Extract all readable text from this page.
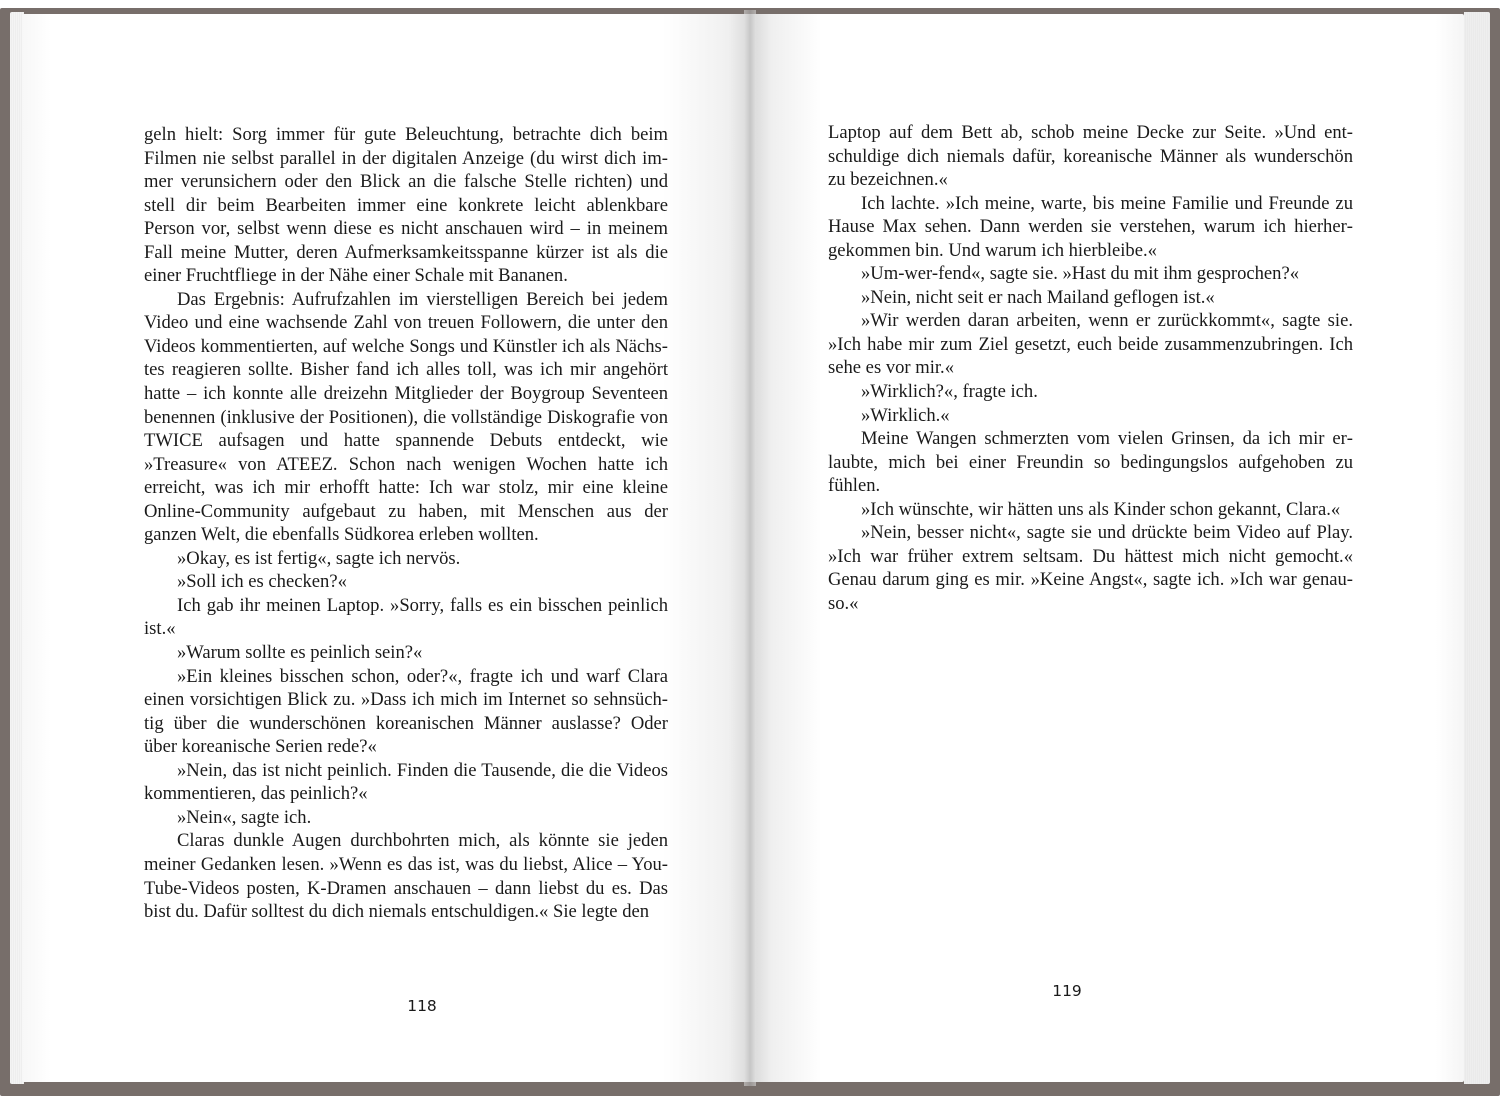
geln hielt: Sorg immer für gute Beleuchtung, betrachte dich beim Filmen nie selbst parallel in der digitalen Anzeige (du wirst dich immer verunsichern oder den Blick an die falsche Stelle richten) und stell dir beim Bearbeiten immer eine konkrete leicht ablenkbare Person vor, selbst wenn diese es nicht anschauen wird – in meinem Fall meine Mutter, deren Aufmerksamkeitsspanne kürzer ist als die einer Fruchtfliege in der Nähe einer Schale mit Bananen.

Das Ergebnis: Aufrufzahlen im vierstelligen Bereich bei jedem Video und eine wachsende Zahl von treuen Followern, die unter den Videos kommentierten, auf welche Songs und Künstler ich als Nächstes reagieren sollte. Bisher fand ich alles toll, was ich mir angehört hatte – ich konnte alle dreizehn Mitglieder der Boygroup Seventeen benennen (inklusive der Positionen), die vollständige Diskografie von TWICE aufsagen und hatte spannende Debuts entdeckt, wie »Treasure« von ATEEZ. Schon nach wenigen Wochen hatte ich erreicht, was ich mir erhofft hatte: Ich war stolz, mir eine kleine Online-Community aufgebaut zu haben, mit Menschen aus der ganzen Welt, die ebenfalls Südkorea erleben wollten.

»Okay, es ist fertig«, sagte ich nervös.

»Soll ich es checken?«

Ich gab ihr meinen Laptop. »Sorry, falls es ein bisschen peinlich ist.«

»Warum sollte es peinlich sein?«

»Ein kleines bisschen schon, oder?«, fragte ich und warf Clara einen vorsichtigen Blick zu. »Dass ich mich im Internet so sehnsüchtig über die wunderschönen koreanischen Männer auslasse? Oder über koreanische Serien rede?«

»Nein, das ist nicht peinlich. Finden die Tausende, die die Videos kommentieren, das peinlich?«

»Nein«, sagte ich.

Claras dunkle Augen durchbohrten mich, als könnte sie jeden meiner Gedanken lesen. »Wenn es das ist, was du liebst, Alice – YouTube-Videos posten, K-Dramen anschauen – dann liebst du es. Das bist du. Dafür solltest du dich niemals entschuldigen.« Sie legte den

118

Laptop auf dem Bett ab, schob meine Decke zur Seite. »Und entschuldige dich niemals dafür, koreanische Männer als wunderschön zu bezeichnen.«

Ich lachte. »Ich meine, warte, bis meine Familie und Freunde zu Hause Max sehen. Dann werden sie verstehen, warum ich hierhergekommen bin. Und warum ich hierbleibe.«

»Um-wer-fend«, sagte sie. »Hast du mit ihm gesprochen?«

»Nein, nicht seit er nach Mailand geflogen ist.«

»Wir werden daran arbeiten, wenn er zurückkommt«, sagte sie. »Ich habe mir zum Ziel gesetzt, euch beide zusammenzubringen. Ich sehe es vor mir.«

»Wirklich?«, fragte ich.

»Wirklich.«

Meine Wangen schmerzten vom vielen Grinsen, da ich mir erlaubte, mich bei einer Freundin so bedingungslos aufgehoben zu fühlen.

»Ich wünschte, wir hätten uns als Kinder schon gekannt, Clara.«

»Nein, besser nicht«, sagte sie und drückte beim Video auf Play. »Ich war früher extrem seltsam. Du hättest mich nicht gemocht.« Genau darum ging es mir. »Keine Angst«, sagte ich. »Ich war genauso.«

119
